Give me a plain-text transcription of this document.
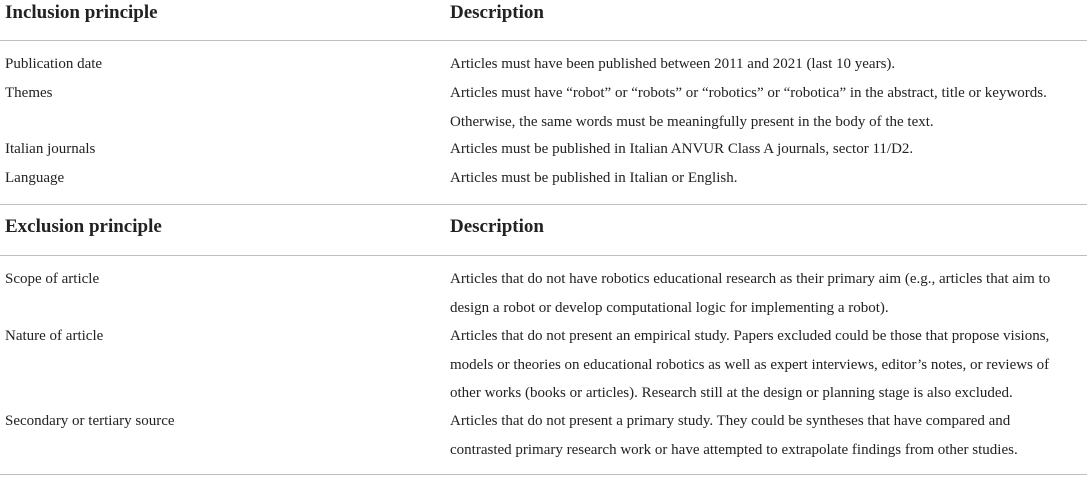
Inclusion principle	Description
Publication date	Articles must have been published between 2011 and 2021 (last 10 years).
Themes	Articles must have “robot” or “robots” or “robotics” or “robotica” in the abstract, title or keywords.
Otherwise, the same words must be meaningfully present in the body of the text.
Italian journals	Articles must be published in Italian ANVUR Class A journals, sector 11/D2.
Language	Articles must be published in Italian or English.
Exclusion principle	Description
Scope of article	Articles that do not have robotics educational research as their primary aim (e.g., articles that aim to
design a robot or develop computational logic for implementing a robot).
Nature of article	Articles that do not present an empirical study. Papers excluded could be those that propose visions,
models or theories on educational robotics as well as expert interviews, editor’s notes, or reviews of
other works (books or articles). Research still at the design or planning stage is also excluded.
Secondary or tertiary source	Articles that do not present a primary study. They could be syntheses that have compared and
contrasted primary research work or have attempted to extrapolate findings from other studies.
